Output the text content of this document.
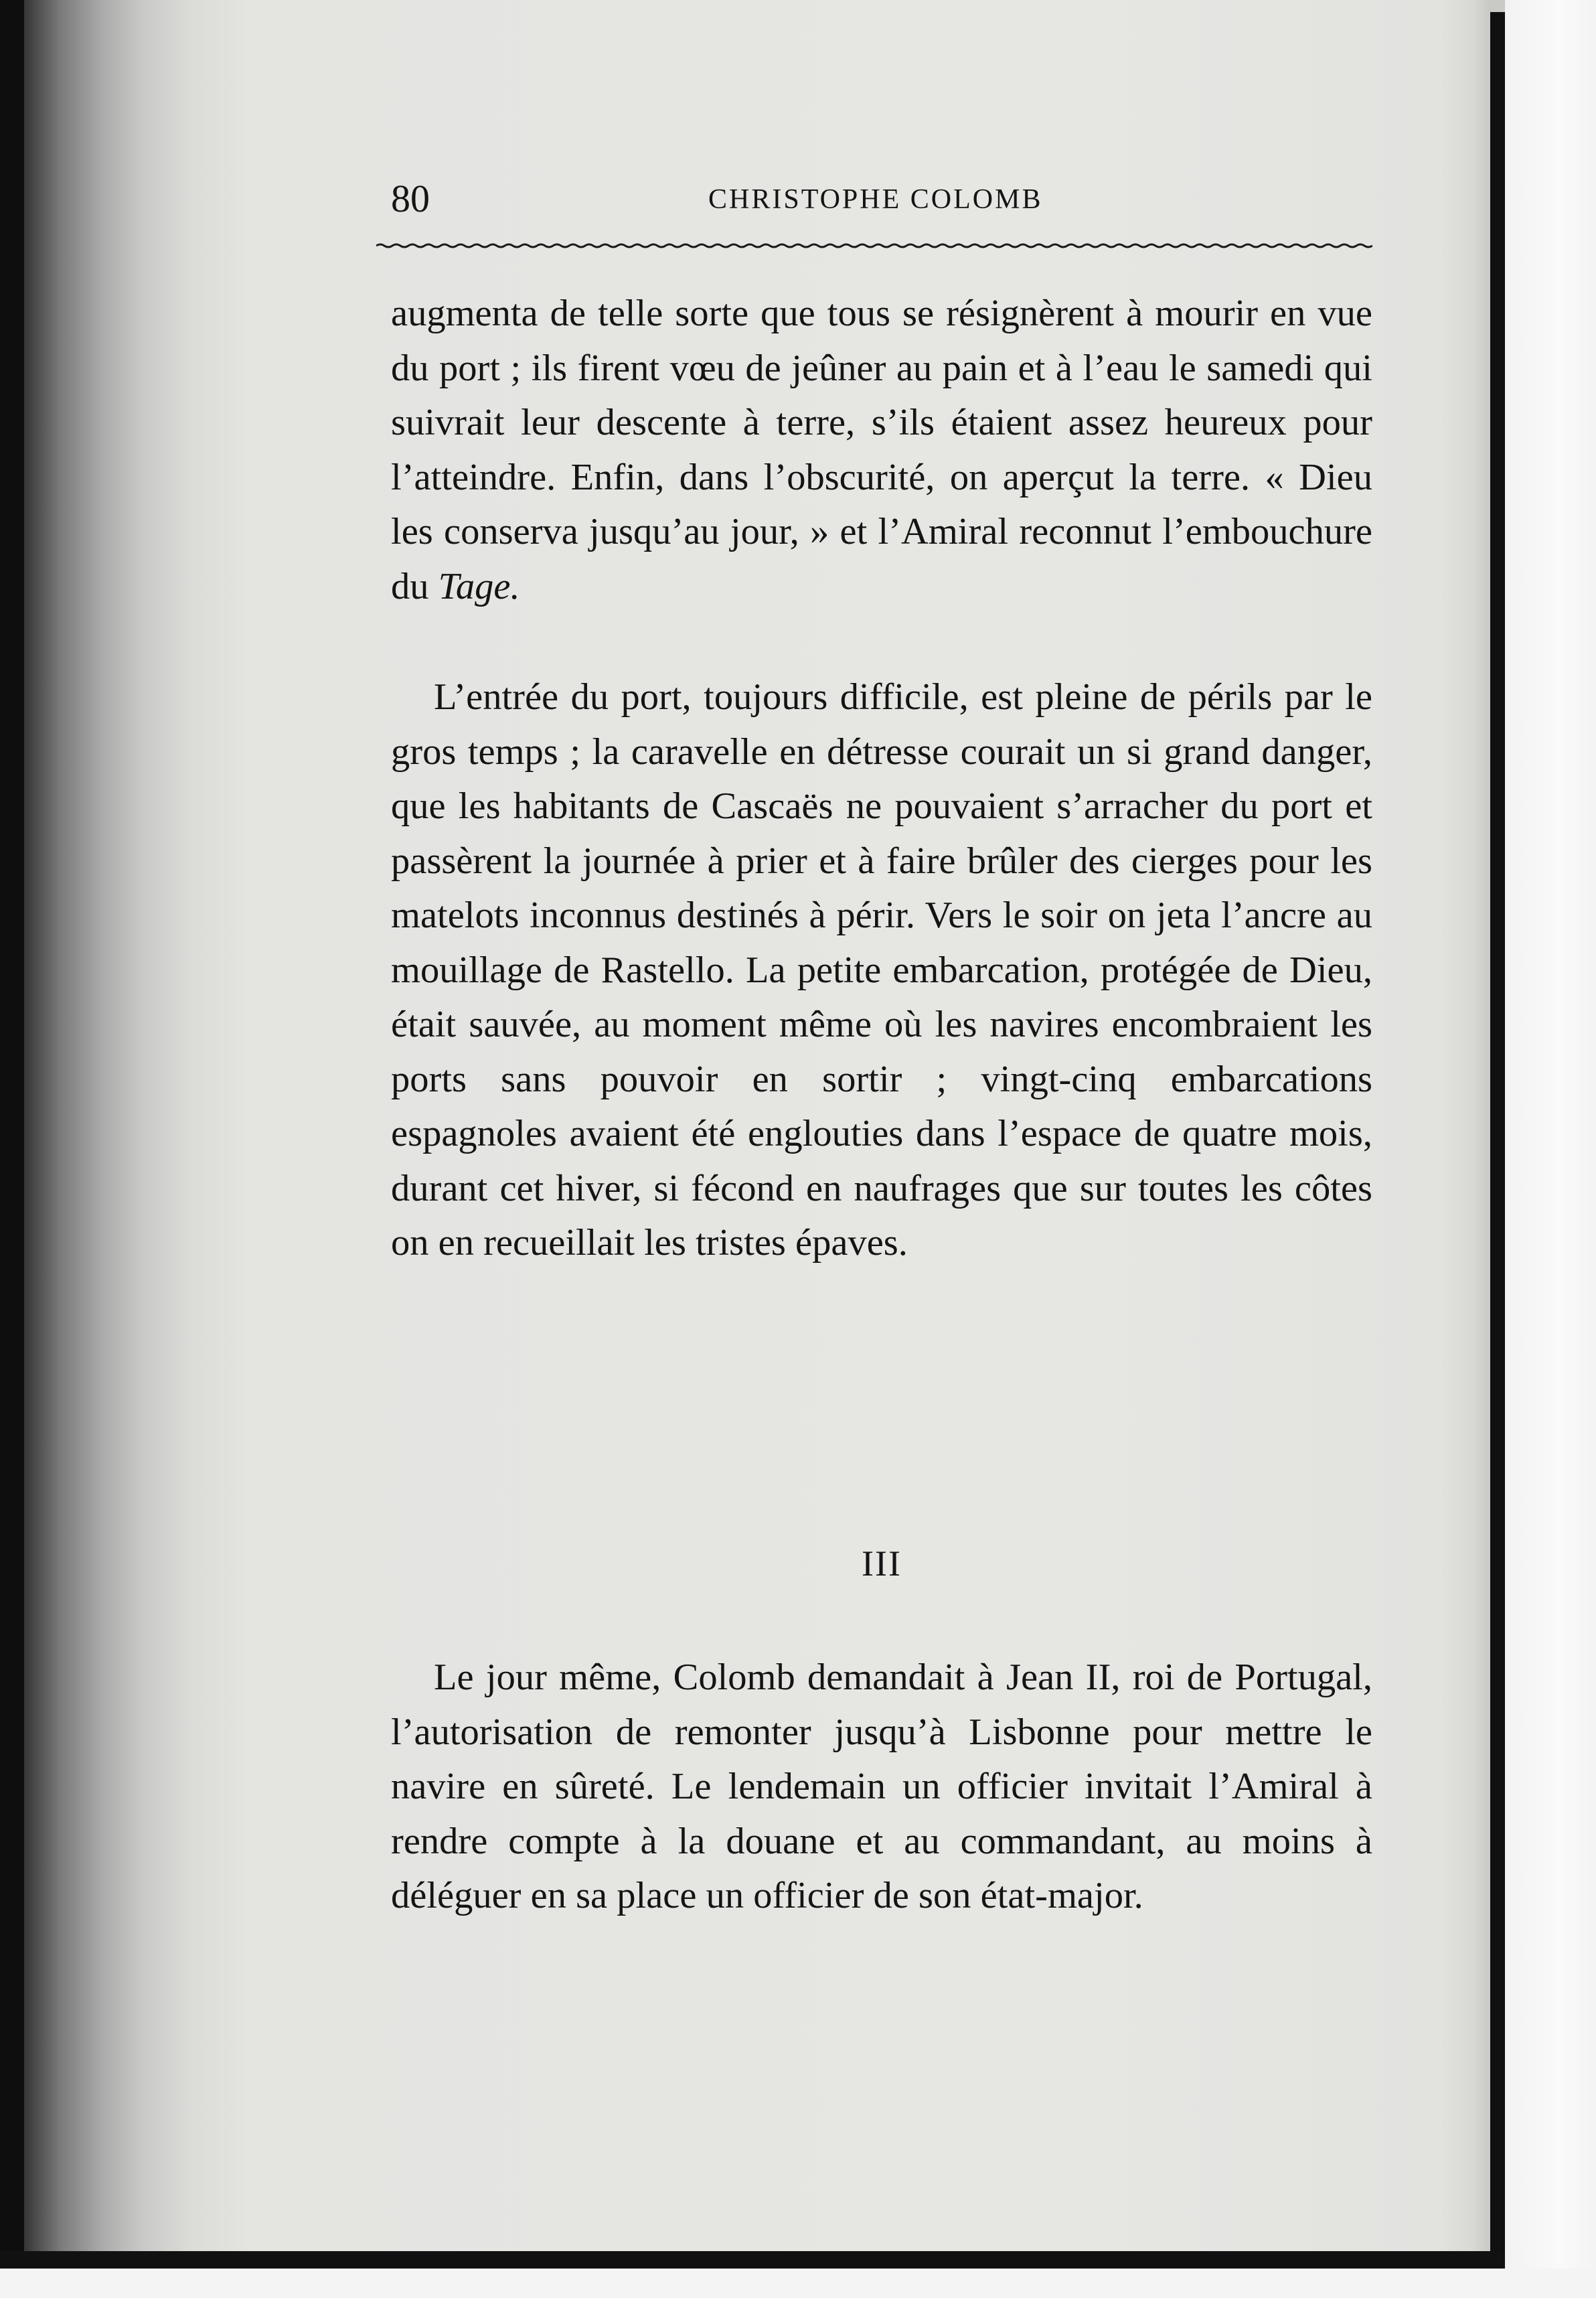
80	CHRISTOPHE COLOMB

augmenta de telle sorte que tous se résignèrent à mourir en vue du port ; ils firent vœu de jeûner au pain et à l’eau le samedi qui suivrait leur descente à terre, s’ils étaient assez heureux pour l’atteindre. Enfin, dans l’obscurité, on aperçut la terre. « Dieu les conserva jusqu’au jour, » et l’Amiral reconnut l’embouchure du Tage.

L’entrée du port, toujours difficile, est pleine de périls par le gros temps ; la caravelle en détresse courait un si grand danger, que les habitants de Cascaës ne pouvaient s’arracher du port et passèrent la journée à prier et à faire brûler des cierges pour les matelots inconnus destinés à périr. Vers le soir on jeta l’ancre au mouillage de Rastello. La petite embarcation, protégée de Dieu, était sauvée, au moment même où les navires encombraient les ports sans pouvoir en sortir ; vingt-cinq embarcations espagnoles avaient été englouties dans l’espace de quatre mois, durant cet hiver, si fécond en naufrages que sur toutes les côtes on en recueillait les tristes épaves.

III

Le jour même, Colomb demandait à Jean II, roi de Portugal, l’autorisation de remonter jusqu’à Lisbonne pour mettre le navire en sûreté. Le lendemain un officier invitait l’Amiral à rendre compte à la douane et au commandant, au moins à déléguer en sa place un officier de son état-major.
